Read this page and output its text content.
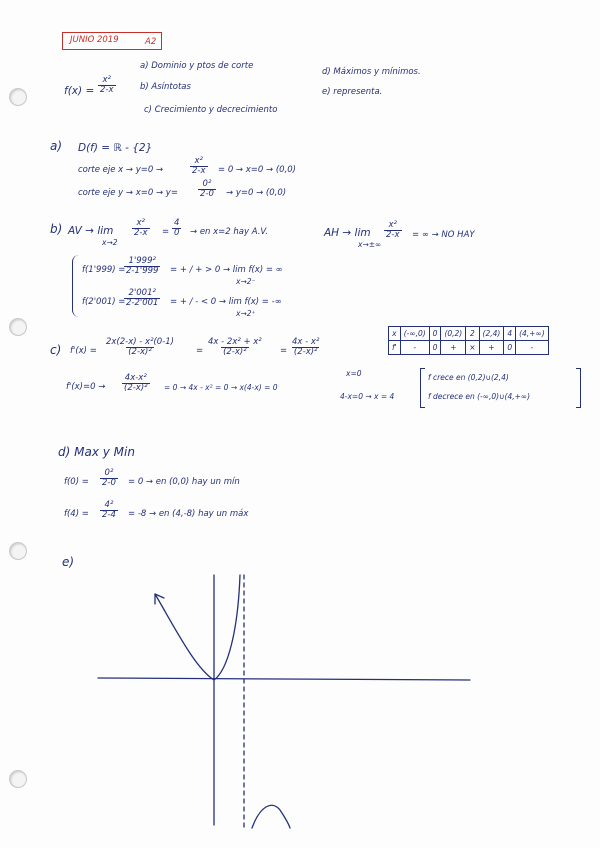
JUNIO 2019	A2
$f(x) = \frac{\text{x²}}{2-x}$
a) Dominio y ptos de corte
b) Asíntotas
c) Crecimiento y decrecimiento
d) Máximos y mínimos.
e) representa.
a) D(f) = ℝ - {2}
corte eje x → y=0 →	$\frac{\text{x²}}{2-x} = 0 \to x=0 \to (0,0)$
corte eje $y \to x=0 \to y= \frac{\text{0²}}{2-0} \to y=0 \to (0,0)$
b) AV → lim
x→2
$\frac{\text{x²}}{2-x} = \frac{4}{0}$ → en x=2 hay A.V.	AH → lim
x→±∞
$\frac{\text{x²}}{2-x}$ = ∞ → NO HAY
f(1'999) =
$\frac{\text{1'999²}}{2-1'999}$ = + / + > 0 → lim f(x) = ∞
x→2⁻
f(2'001) =
$\frac{\text{2'001²}}{2-2'001}$ = + / - < 0 → lim f(x) = -∞
x→2⁺
c) $f'(x) = \frac{\text{2x(2-x) - x²(0-1)}}{\text{(2-x)²}} = \frac{\text{4x - 2x² + x²}}{\text{(2-x)²}} = \frac{\text{4x - x²}}{\text{(2-x)²}}$
x	(-∞,0)	0	(0,2)	2	(2,4)	4	(4,+∞)
f'	-	0	+	×	+	0	-
$f'(x)=0 \to \frac{\text{4x-x²}}{\text{(2-x)²}} = 0 \to 4x - x^2 = 0 \to x(4-x) = 0$
x=0
4-x=0 → x = 4
f crece en (0,2)∪(2,4)
f decrece en (-∞,0)∪(4,+∞)
d) Max y Min
$f(0) = \frac{\text{0²}}{2-0} = 0$ → en (0,0) hay un mín
$f(4) = \frac{\text{4²}}{2-4} = -8$ → en (4,-8) hay un máx
e)
